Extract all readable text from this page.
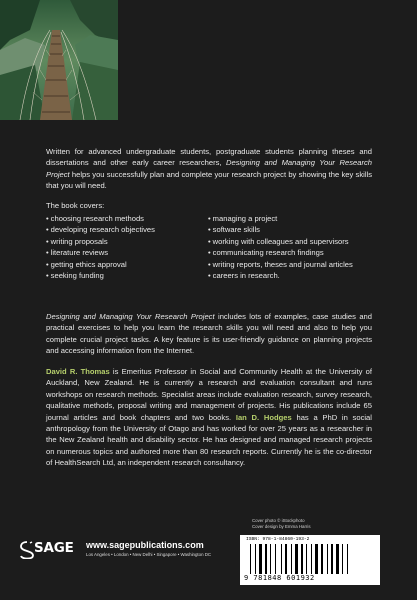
Written for advanced undergraduate students, postgraduate students planning theses and dissertations and other early career researchers, Designing and Managing Your Research Project helps you successfully plan and complete your research project by showing the key skills that you will need.

The book covers:
• choosing research methods
• developing research objectives
• writing proposals
• literature reviews
• getting ethics approval
• seeking funding
• managing a project
• software skills
• working with colleagues and supervisors
• communicating research findings
• writing reports, theses and journal articles
• careers in research.

Designing and Managing Your Research Project includes lots of examples, case studies and practical exercises to help you learn the research skills you will need and also to help you complete crucial project tasks. A key feature is its user-friendly guidance on planning projects and accessing information from the Internet.

David R. Thomas is Emeritus Professor in Social and Community Health at the University of Auckland, New Zealand. He is currently a research and evaluation consultant and runs workshops on research methods. Specialist areas include evaluation research, survey research, qualitative methods, proposal writing and management of projects. His publications include 65 journal articles and book chapters and two books. Ian D. Hodges has a PhD in social anthropology from the University of Otago and has worked for over 25 years as a researcher in the New Zealand health and disability sector. He has designed and managed research projects on numerous topics and authored more than 80 research reports. Currently he is the co-director of HealthSearch Ltd, an independent research consultancy.

Cover photo © iStockphoto
Cover design by Emma Harris
ISBN: 978-1-84860-193-2
9 781848 601932
SAGE www.sagepublications.com
Los Angeles • London • New Delhi • Singapore • Washington DC
